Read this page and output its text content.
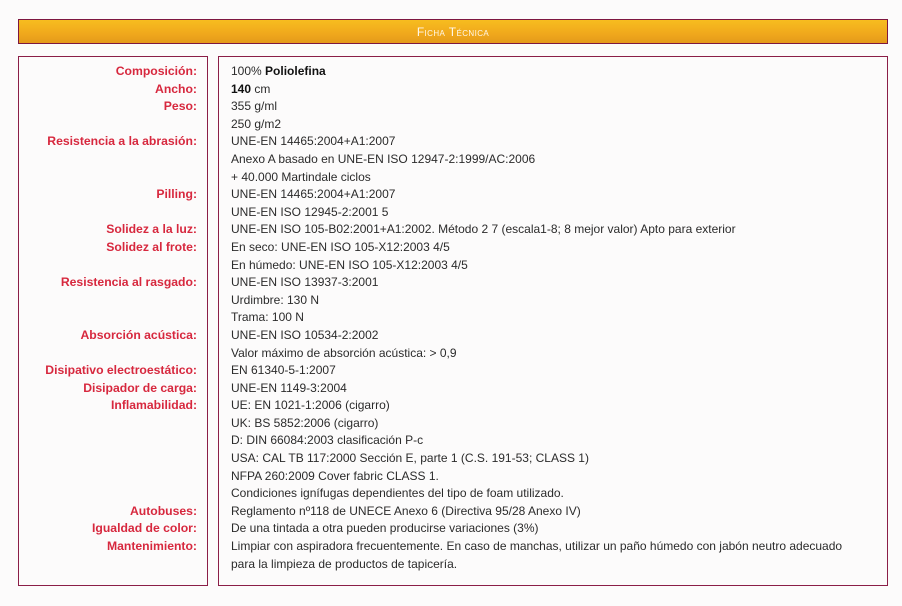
Ficha Técnica
Composición:
Ancho:
Peso:
Resistencia a la abrasión:
Pilling:
Solidez a la luz:
Solidez al frote:
Resistencia al rasgado:
Absorción acústica:
Disipativo electroestático:
Disipador de carga:
Inflamabilidad:
Autobuses:
Igualdad de color:
Mantenimiento:
100% Poliolefina
140 cm
355 g/ml
250 g/m2
UNE-EN 14465:2004+A1:2007
Anexo A basado en UNE-EN ISO 12947-2:1999/AC:2006
+ 40.000 Martindale ciclos
UNE-EN 14465:2004+A1:2007
UNE-EN ISO 12945-2:2001 5
UNE-EN ISO 105-B02:2001+A1:2002. Método 2 7 (escala1-8; 8 mejor valor) Apto para exterior
En seco: UNE-EN ISO 105-X12:2003 4/5
En húmedo: UNE-EN ISO 105-X12:2003 4/5
UNE-EN ISO 13937-3:2001
Urdimbre: 130 N
Trama: 100 N
UNE-EN ISO 10534-2:2002
Valor máximo de absorción acústica: > 0,9
EN 61340-5-1:2007
UNE-EN 1149-3:2004
UE: EN 1021-1:2006 (cigarro)
UK: BS 5852:2006 (cigarro)
D: DIN 66084:2003 clasificación P-c
USA: CAL TB 117:2000 Sección E, parte 1 (C.S. 191-53; CLASS 1)
NFPA 260:2009 Cover fabric CLASS 1.
Condiciones ignífugas dependientes del tipo de foam utilizado.
Reglamento nº118 de UNECE Anexo 6 (Directiva 95/28 Anexo IV)
De una tintada a otra pueden producirse variaciones (3%)
Limpiar con aspiradora frecuentemente. En caso de manchas, utilizar un paño húmedo con jabón neutro adecuado
para la limpieza de productos de tapicería.
